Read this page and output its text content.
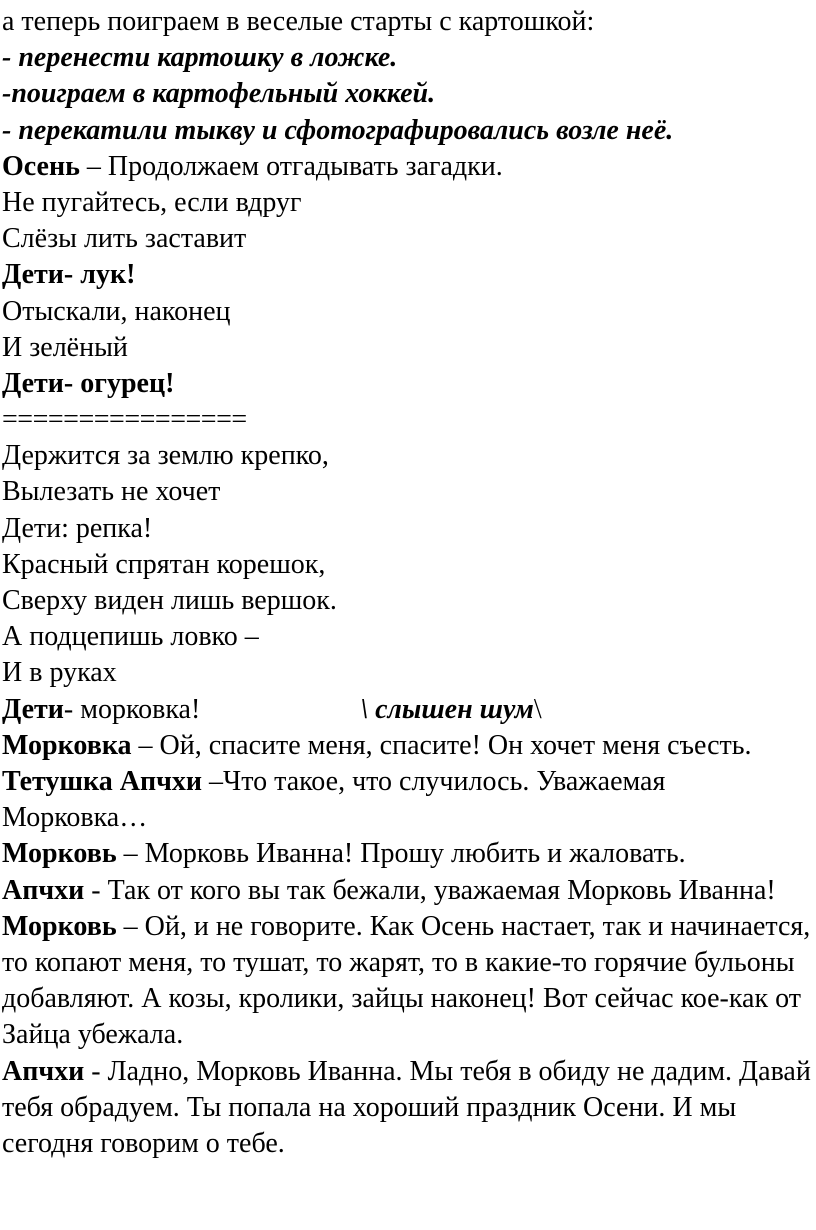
а теперь поиграем в веселые старты с картошкой:
- перенести картошку в ложке.
-поиграем в картофельный хоккей.
- перекатили тыкву и сфотографировались возле неё.
Осень – Продолжаем отгадывать загадки.
Не пугайтесь, если вдруг
Слёзы лить заставит
Дети- лук!
Отыскали, наконец
И зелёный
Дети- огурец!
================
Держится за землю крепко,
Вылезать не хочет
Дети: репка!
Красный спрятан корешок,
Сверху виден лишь вершок.
А подцепишь ловко –
И в руках
Дети- морковка!	\ слышен шум\

Морковка – Ой, спасите меня, спасите! Он хочет меня съесть.

Тетушка Апчхи –Что такое, что случилось. Уважаемая Морковка…

Морковь – Морковь Иванна! Прошу любить и жаловать.

Апчхи - Так от кого вы так бежали, уважаемая Морковь Иванна!

Морковь – Ой, и не говорите. Как Осень настает, так и начинается, то копают меня, то тушат, то жарят, то в какие-то горячие бульоны добавляют. А козы, кролики, зайцы наконец! Вот сейчас кое-как от Зайца убежала.

Апчхи - Ладно, Морковь Иванна. Мы тебя в обиду не дадим. Давай тебя обрадуем. Ты попала на хороший праздник Осени. И мы сегодня говорим о тебе.
